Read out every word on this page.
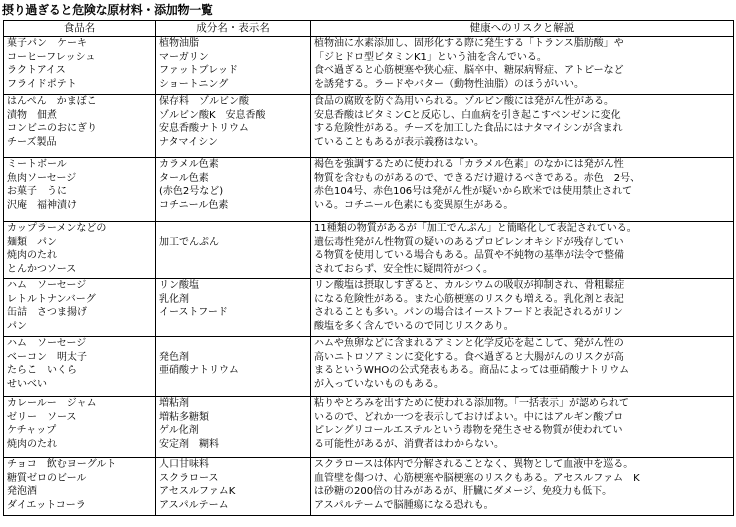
摂り過ぎると危険な原材料・添加物一覧
食品名	成分名・表示名	健康へのリスクと解説

菓子パン　ケーキ
コーヒーフレッシュ
ラクトアイス
フライドポテト	植物油脂
マーガリン
ファットブレッド
ショートニング	植物油に水素添加し、固形化する際に発生する「トランス脂肪酸」や
「ジヒドロ型ビタミンK1」という油を含んでいる。
食べ過ぎると心筋梗塞や狭心症、脳卒中、糖尿病腎症、アトピーなど
を誘発する。ラードやバター（動物性油脂）のほうがいい。

はんぺん　かまぼこ
漬物　佃煮
コンビニのおにぎり
チーズ製品	保存料　ゾルビン酸
ゾルビン酸K　安息香酸
安息香酸ナトリウム
ナタマイシン	食品の腐敗を防ぐ為用いられる。ゾルビン酸には発がん性がある。
安息香酸はビタミンCと反応し、白血病を引き起こすベンゼンに変化
する危険性がある。チーズを加工した食品にはナタマイシンが含まれ
ていることもあるが表示義務はない。

ミートボール
魚肉ソーセージ
お菓子　うに
沢庵　福神漬け	カラメル色素
タール色素
(赤色2号など)
コチニール色素	褐色を強調するために使われる「カラメル色素」のなかには発がん性
物質を含むものがあるので、できるだけ避けるべきである。赤色　2号、
赤色104号、赤色106号は発がん性が疑いから欧米では使用禁止されて
いる。コチニール色素にも変異原生がある。

カップラーメンなどの
麺類　パン
焼肉のたれ
とんかつソース	加工でんぷん	11種類の物質があるが「加工でんぷん」と簡略化して表記されている。
遺伝毒性発がん性物質の疑いのあるプロピレンオキシドが残存してい
る物質を使用している場合もある。品質や不純物の基準が法令で整備
されておらず、安全性に疑問符がつく。

ハム　ソーセージ
レトルトナンバーグ
缶詰　さつま揚げ
パン	リン酸塩
乳化剤
イーストフード	リン酸塩は摂取しすぎると、カルシウムの吸収が抑制され、骨粗鬆症
になる危険性がある。また心筋梗塞のリスクも増える。乳化剤と表記
されることも多い。パンの場合はイーストフードと表記されるがリン
酸塩を多く含んでいるので同じリスクあり。

ハム　ソーセージ
ベーコン　明太子
たらこ　いくら
せいべい	発色剤
亜硝酸ナトリウム	ハムや魚卵などに含まれるアミンと化学反応を起こして、発がん性の
高いニトロソアミンに変化する。食べ過ぎると大腸がんのリスクが高
まるというWHOの公式発表もある。商品によっては亜硝酸ナトリウム
が入っていないものもある。

カレールー　ジャム
ゼリー　ソース
ケチャップ
焼肉のたれ	増粘剤
増粘多糖類
ゲル化剤
安定剤　糊料	粘りやとろみを出すために使われる添加物。「一括表示」が認められて
いるので、どれか一つを表示しておけばよい。中にはアルギン酸プロ
ピレングリコールエステルという毒物を発生させる物質が使われてい
る可能性があるが、消費者はわからない。

チョコ　飲むヨーグルト
糖質ゼロのビール
発泡酒
ダイエットコーラ	人口甘味料
スクラロース
アセスルファムK
アスパルテーム	スクラロースは体内で分解されることなく、異物として血液中を巡る。
血管壁を傷つけ、心筋梗塞や脳梗塞のリスクもある。アセスルファム　K
は砂糖の200倍の甘みがあるが、肝臓にダメージ、免疫力も低下。
アスパルテームで脳腫瘍になる恐れも。
